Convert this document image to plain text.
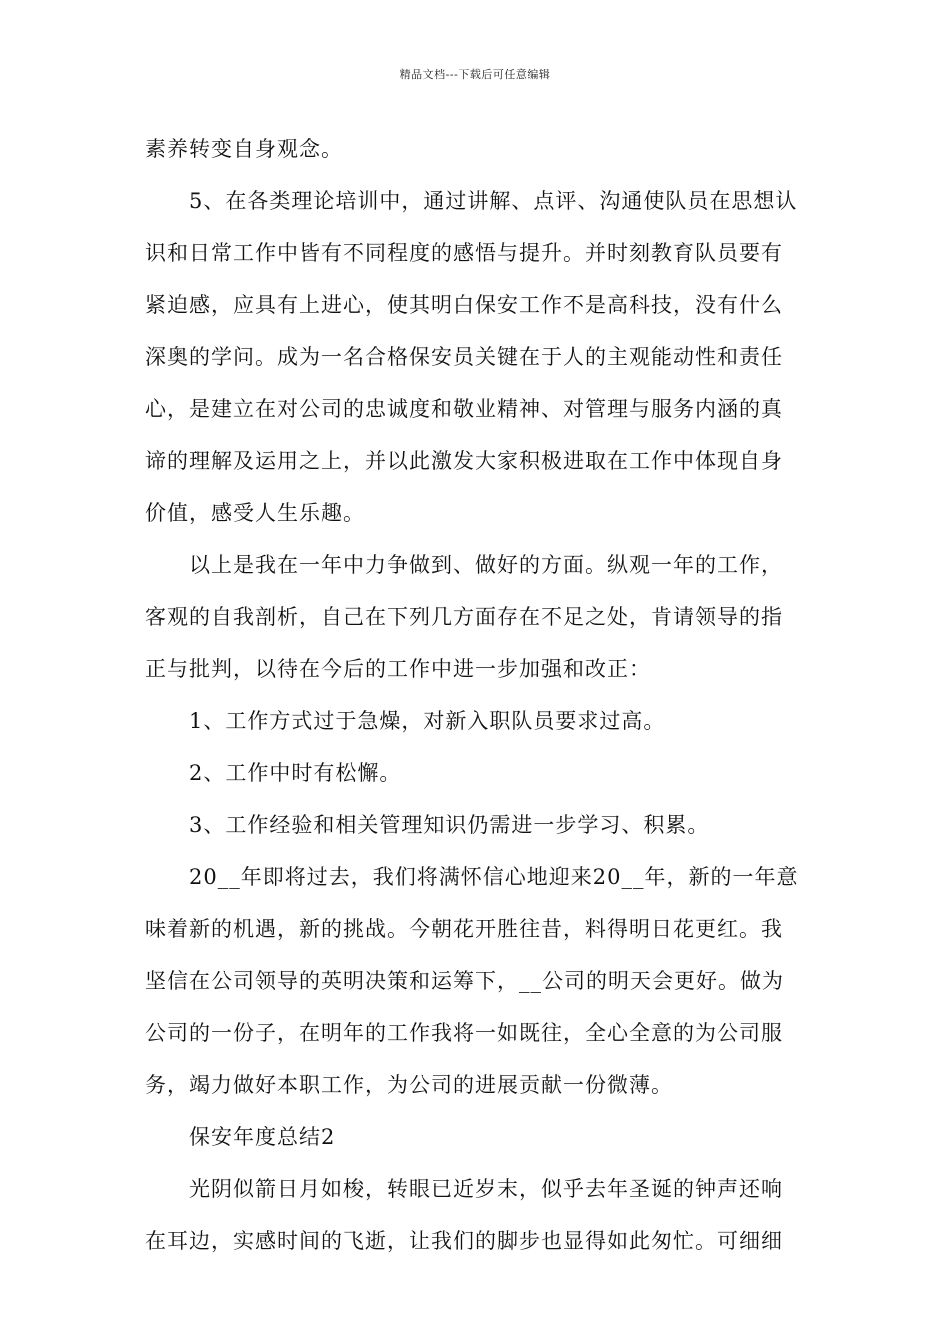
精品文档---下载后可任意编辑
素养转变自身观念。
5、在各类理论培训中，通过讲解、点评、沟通使队员在思想认
识和日常工作中皆有不同程度的感悟与提升。并时刻教育队员要有
紧迫感，应具有上进心，使其明白保安工作不是高科技，没有什么
深奥的学问。成为一名合格保安员关键在于人的主观能动性和责任
心，是建立在对公司的忠诚度和敬业精神、对管理与服务内涵的真
谛的理解及运用之上，并以此激发大家积极进取在工作中体现自身
价值，感受人生乐趣。
以上是我在一年中力争做到、做好的方面。纵观一年的工作，
客观的自我剖析，自己在下列几方面存在不足之处，肯请领导的指
正与批判，以待在今后的工作中进一步加强和改正：
1、工作方式过于急燥，对新入职队员要求过高。
2、工作中时有松懈。
3、工作经验和相关管理知识仍需进一步学习、积累。
20__年即将过去，我们将满怀信心地迎来20__年，新的一年意
味着新的机遇，新的挑战。今朝花开胜往昔，料得明日花更红。我
坚信在公司领导的英明决策和运筹下，__公司的明天会更好。做为
公司的一份子，在明年的工作我将一如既往，全心全意的为公司服
务，竭力做好本职工作，为公司的进展贡献一份微薄。
保安年度总结2
光阴似箭日月如梭，转眼已近岁末，似乎去年圣诞的钟声还响
在耳边，实感时间的飞逝，让我们的脚步也显得如此匆忙。可细细
